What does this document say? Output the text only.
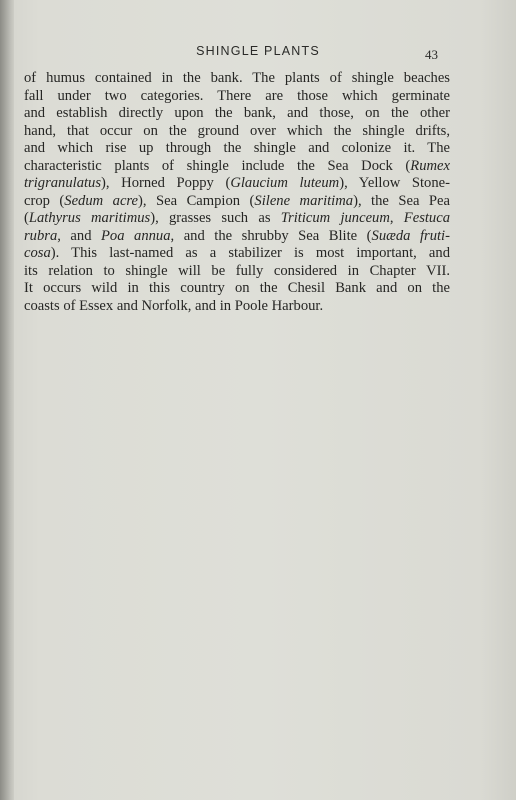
SHINGLE PLANTS	43
of humus contained in the bank. The plants of shingle beaches
fall under two categories. There are those which germinate
and establish directly upon the bank, and those, on the other
hand, that occur on the ground over which the shingle drifts,
and which rise up through the shingle and colonize it. The
characteristic plants of shingle include the Sea Dock (Rumex
trigranulatus), Horned Poppy (Glaucium luteum), Yellow Stone-
crop (Sedum acre), Sea Campion (Silene maritima), the Sea Pea
(Lathyrus maritimus), grasses such as Triticum junceum, Festuca
rubra, and Poa annua, and the shrubby Sea Blite (Suæda fruti-
cosa). This last-named as a stabilizer is most important, and
its relation to shingle will be fully considered in Chapter VII.
It occurs wild in this country on the Chesil Bank and on the
coasts of Essex and Norfolk, and in Poole Harbour.
